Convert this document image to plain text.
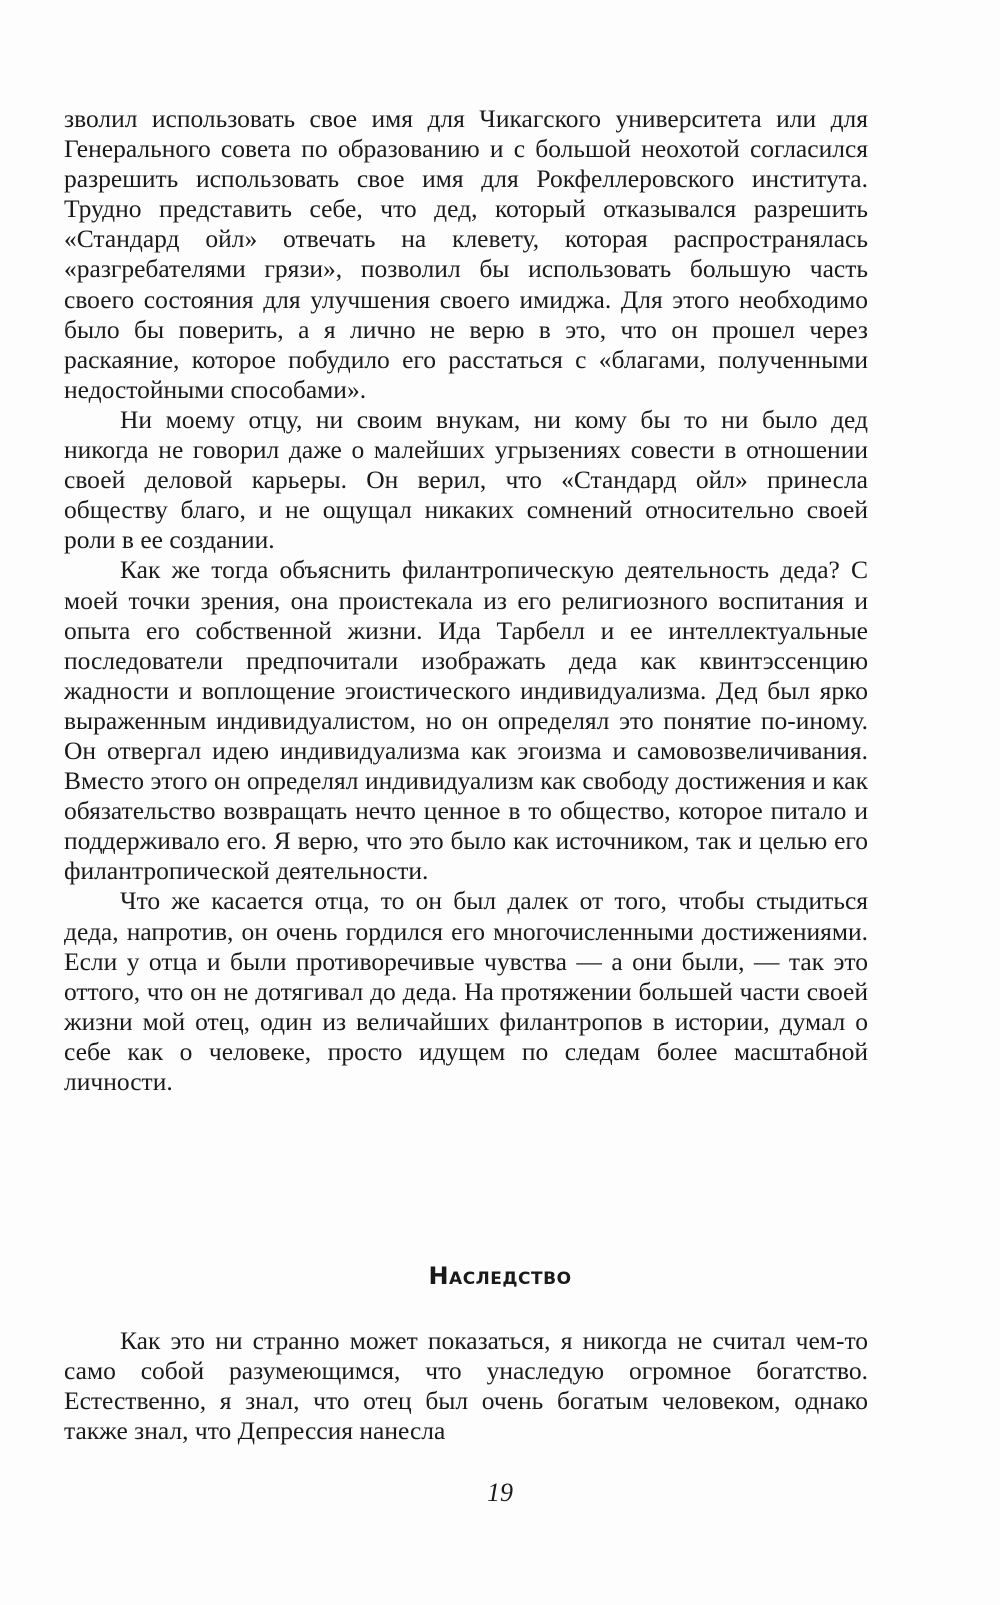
зволил использовать свое имя для Чикагского университета или для Генерального совета по образованию и с большой неохотой согласился разрешить использовать свое имя для Рокфеллеровского института. Трудно представить себе, что дед, который отказывался разрешить «Стандард ойл» отвечать на клевету, которая распространялась «разгребателями грязи», позволил бы использовать большую часть своего состояния для улучшения своего имиджа. Для этого необходимо было бы поверить, а я лично не верю в это, что он прошел через раскаяние, которое побудило его расстаться с «благами, полученными недостойными способами».

Ни моему отцу, ни своим внукам, ни кому бы то ни было дед никогда не говорил даже о малейших угрызениях совести в отношении своей деловой карьеры. Он верил, что «Стандард ойл» принесла обществу благо, и не ощущал никаких сомнений относительно своей роли в ее создании.

Как же тогда объяснить филантропическую деятельность деда? С моей точки зрения, она проистекала из его религиозного воспитания и опыта его собственной жизни. Ида Тарбелл и ее интеллектуальные последователи предпочитали изображать деда как квинтэссенцию жадности и воплощение эгоистического индивидуализма. Дед был ярко выраженным индивидуалистом, но он определял это понятие по-иному. Он отвергал идею индивидуализма как эгоизма и самовозвеличивания. Вместо этого он определял индивидуализм как свободу достижения и как обязательство возвращать нечто ценное в то общество, которое питало и поддерживало его. Я верю, что это было как источником, так и целью его филантропической деятельности.

Что же касается отца, то он был далек от того, чтобы стыдиться деда, напротив, он очень гордился его многочисленными достижениями. Если у отца и были противоречивые чувства — а они были, — так это оттого, что он не дотягивал до деда. На протяжении большей части своей жизни мой отец, один из величайших филантропов в истории, думал о себе как о человеке, просто идущем по следам более масштабной личности.

Наследство

Как это ни странно может показаться, я никогда не считал чем-то само собой разумеющимся, что унаследую огромное богатство. Естественно, я знал, что отец был очень богатым человеком, однако также знал, что Депрессия нанесла

19
